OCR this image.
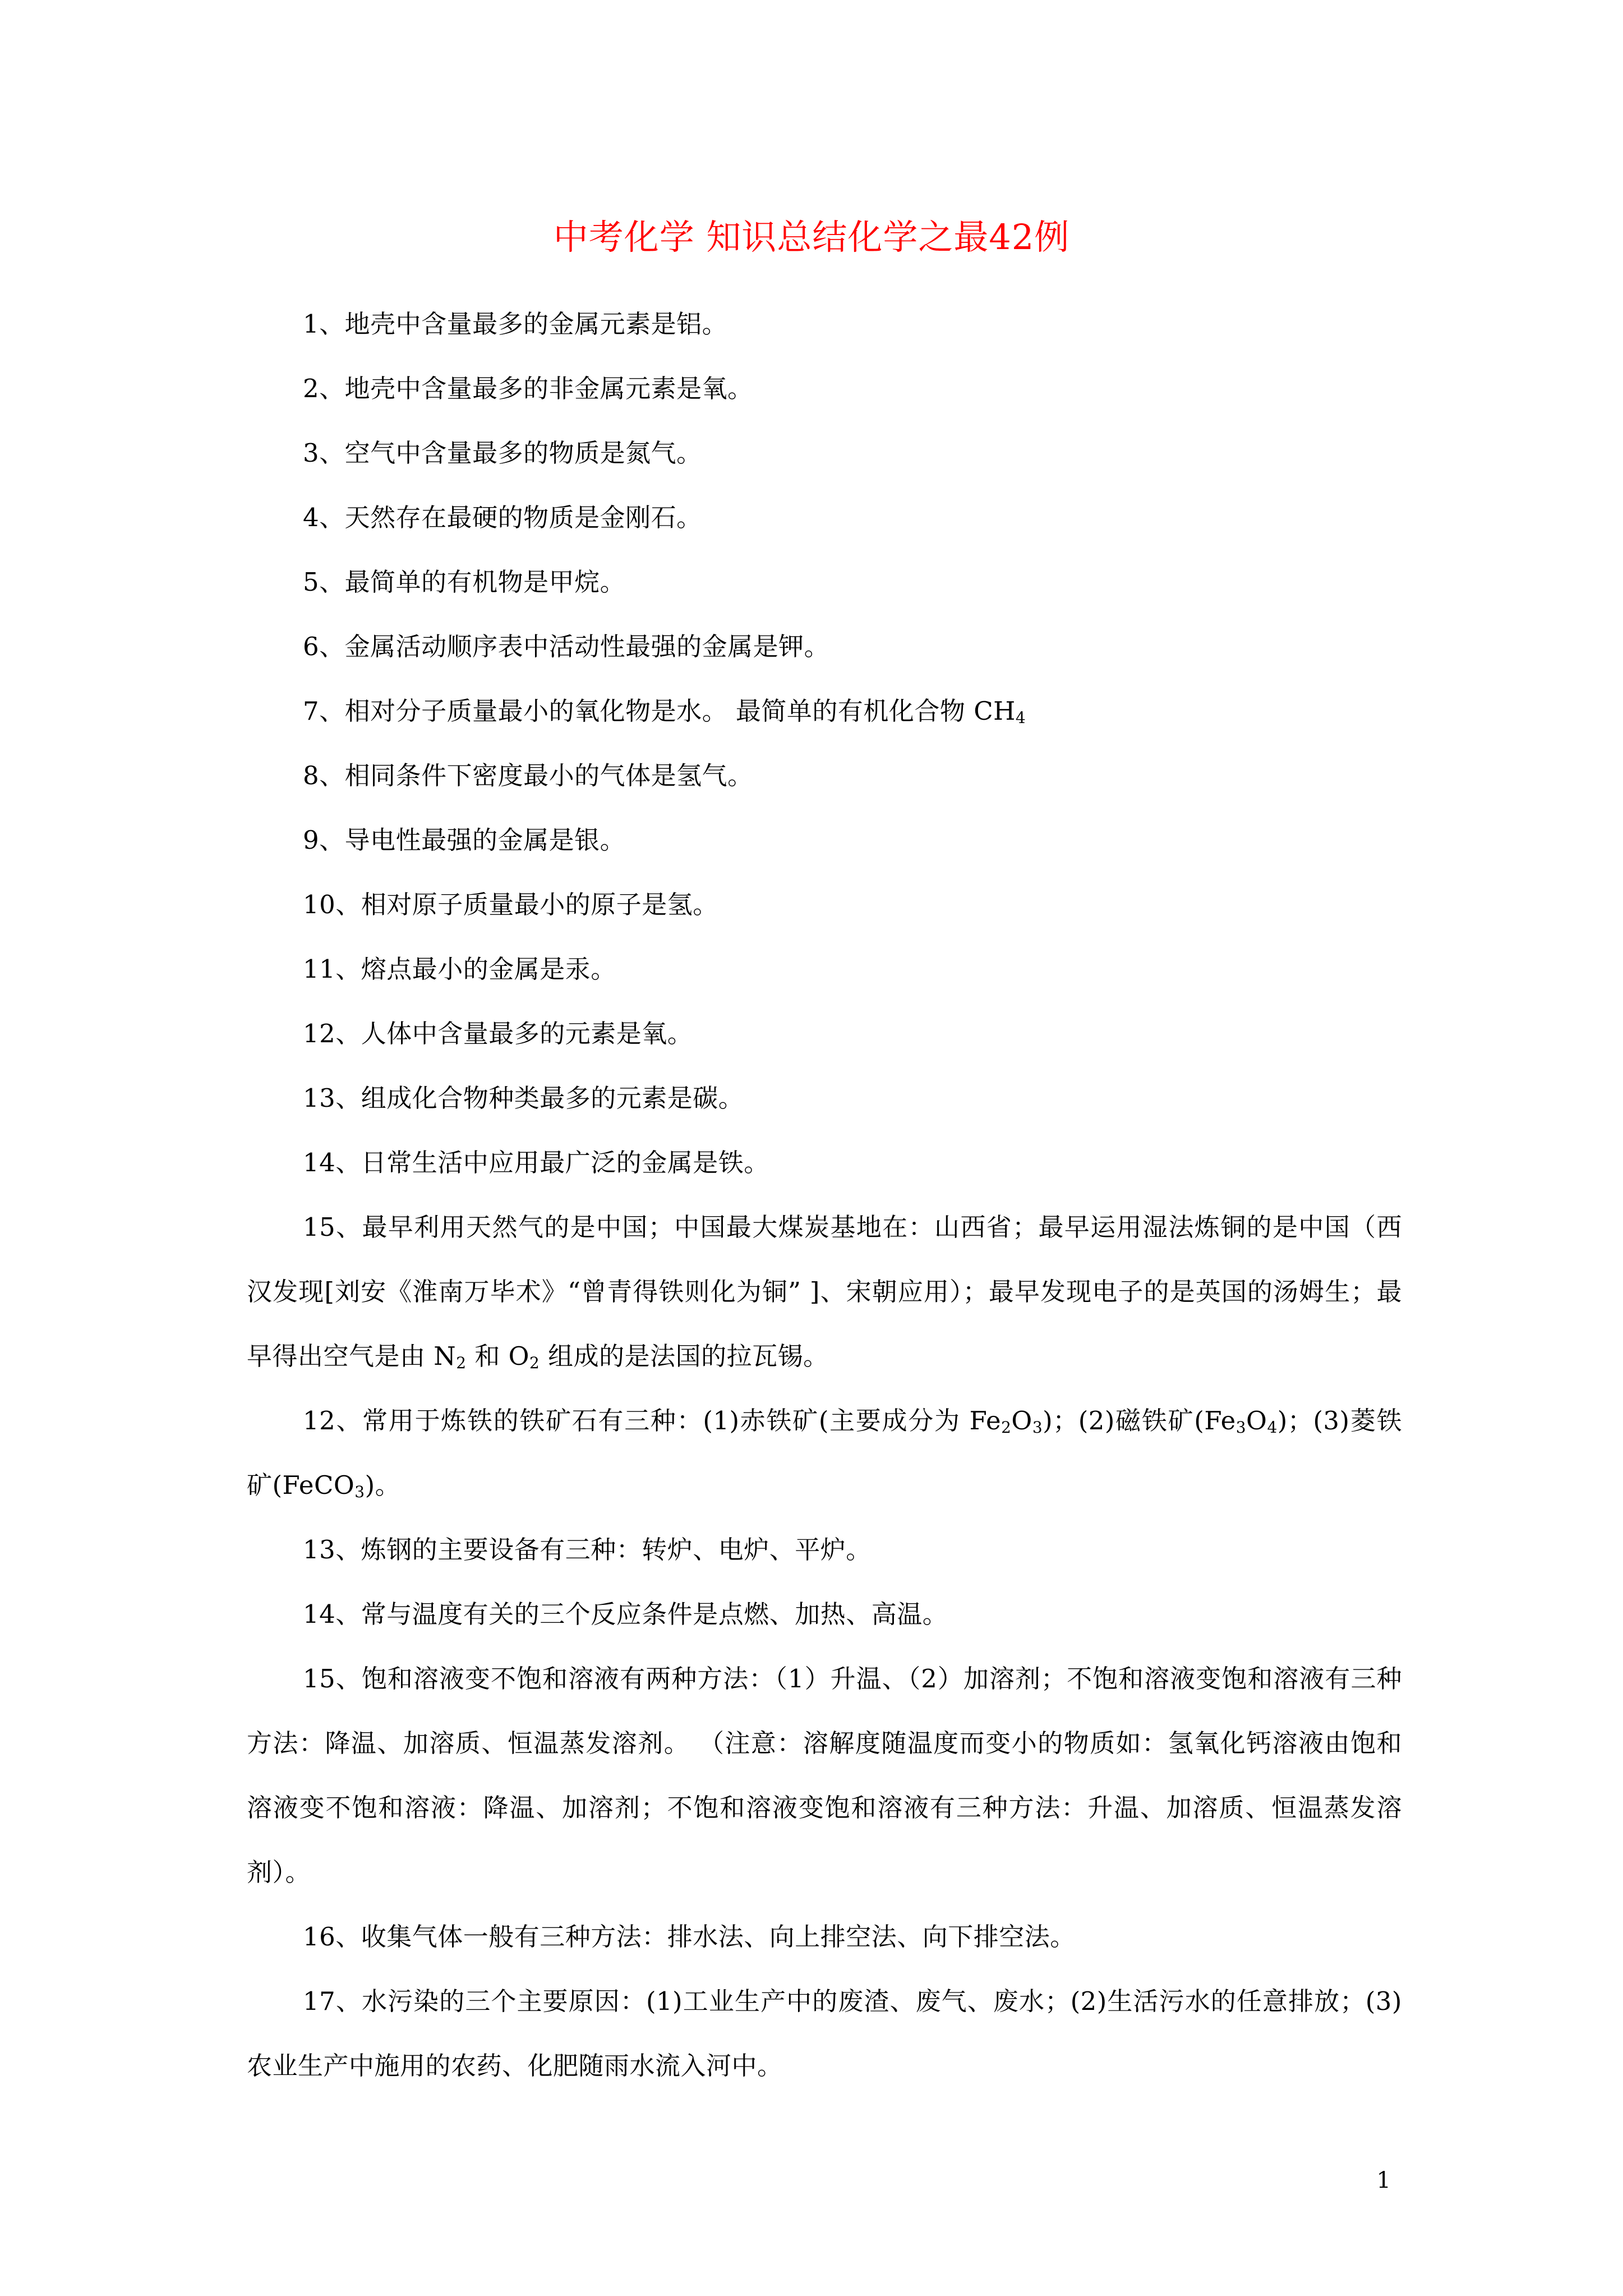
中考化学 知识总结化学之最42例

1、地壳中含量最多的金属元素是铝。

2、地壳中含量最多的非金属元素是氧。

3、空气中含量最多的物质是氮气。

4、天然存在最硬的物质是金刚石。

5、最简单的有机物是甲烷。

6、金属活动顺序表中活动性最强的金属是钾。

7、相对分子质量最小的氧化物是水。 最简单的有机化合物 $CH_4$

8、相同条件下密度最小的气体是氢气。

9、导电性最强的金属是银。

10、相对原子质量最小的原子是氢。

11、熔点最小的金属是汞。

12、人体中含量最多的元素是氧。

13、组成化合物种类最多的元素是碳。

14、日常生活中应用最广泛的金属是铁。

15、最早利用天然气的是中国；中国最大煤炭基地在：山西省；最早运用湿法炼铜的是中国（西汉发现[刘安《淮南万毕术》“曾青得铁则化为铜” ]、宋朝应用）；最早发现电子的是英国的汤姆生；最早得出空气是由 $N_2$ 和 $O_2$ 组成的是法国的拉瓦锡。

12、常用于炼铁的铁矿石有三种：(1)赤铁矿(主要成分为 $Fe_2O_3$)；(2)磁铁矿$(Fe_3O_4)$；(3)菱铁矿(FeCO$_3$)。

13、炼钢的主要设备有三种：转炉、电炉、平炉。

14、常与温度有关的三个反应条件是点燃、加热、高温。

15、饱和溶液变不饱和溶液有两种方法：（1）升温、（2）加溶剂；不饱和溶液变饱和溶液有三种方法：降温、加溶质、恒温蒸发溶剂。 （注意：溶解度随温度而变小的物质如：氢氧化钙溶液由饱和溶液变不饱和溶液：降温、加溶剂；不饱和溶液变饱和溶液有三种方法：升温、加溶质、恒温蒸发溶剂）。

16、收集气体一般有三种方法：排水法、向上排空法、向下排空法。

17、水污染的三个主要原因：(1)工业生产中的废渣、废气、废水；(2)生活污水的任意排放；(3)农业生产中施用的农药、化肥随雨水流入河中。

1
